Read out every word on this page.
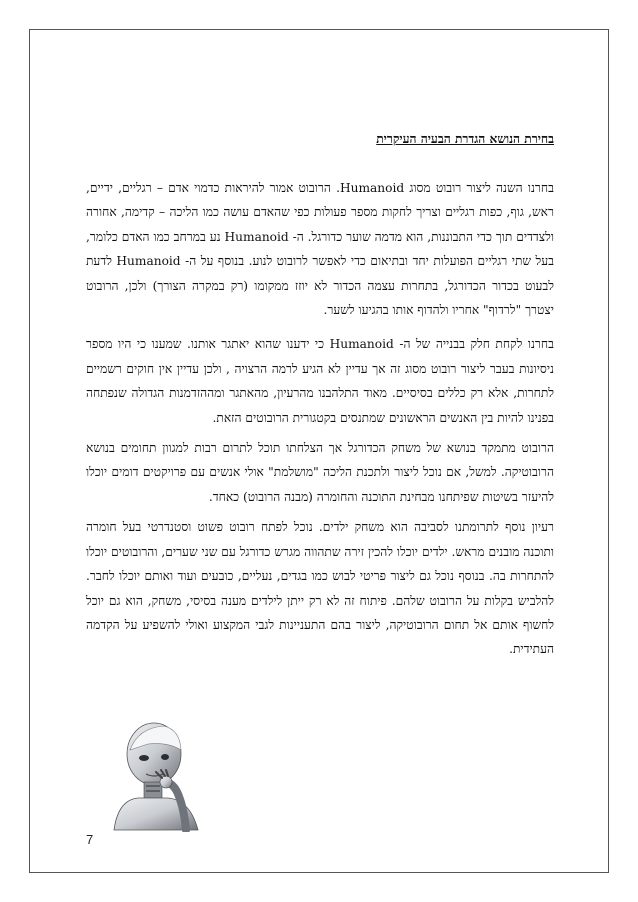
בחירת הנושא הגדרת הבעיה העיקרית

בחרנו השנה ליצור רובוט מסוג Humanoid. הרובוט אמור להיראות כדמוי אדם – רגליים, ידיים, ראש, גוף, כפות רגליים וצריך לחקות מספר פעולות כפי שהאדם עושה כמו הליכה – קדימה, אחורה ולצדדים תוך כדי התבוננות, הוא מדמה שוער כדורגל. ה- Humanoid נע במרחב כמו האדם כלומר, בעל שתי רגליים הפועלות יחד ובתיאום כדי לאפשר לרובוט לנוע. בנוסף על ה- Humanoid לדעת לבעוט בכדור הכדורגל, בתחרות עצמה הכדור לא יוזז ממקומו (רק במקרה הצורך) ולכן, הרובוט יצטרך "לרדוף" אחריו ולהדוף אותו בהגיעו לשער.

בחרנו לקחת חלק בבנייה של ה- Humanoid כי ידענו שהוא יאתגר אותנו. שמענו כי היו מספר ניסיונות בעבר ליצור רובוט מסוג זה אך עדיין לא הגיע לרמה הרצויה , ולכן עדיין אין חוקים רשמיים לתחרות, אלא רק כללים בסיסיים. מאוד התלהבנו מהרעיון, מהאתגר ומההזדמנות הגדולה שנפתחה בפנינו להיות בין האנשים הראשונים שמתנסים בקטגורית הרובוטים הזאת.

הרובוט מתמקד בנושא של משחק הכדורגל אך הצלחתו תוכל לתרום רבות למגוון תחומים בנושא הרובוטיקה. למשל, אם נוכל ליצור ולתכנת הליכה "מושלמת" אולי אנשים עם פרויקטים דומים יוכלו להיעזר בשיטות שפיתחנו מבחינת התוכנה והחומרה (מבנה הרובוט) כאחד.

רעיון נוסף לתרומתנו לסביבה הוא משחק ילדים. נוכל לפתח רובוט פשוט וסטנדרטי בעל חומרה ותוכנה מובנים מראש. ילדים יוכלו להכין זירה שתהווה מגרש כדורגל עם שני שערים, והרובוטים יוכלו להתחרות בה. בנוסף נוכל גם ליצור פריטי לבוש כמו בגדים, נעליים, כובעים ועוד ואותם יוכלו לחבר. להלביש בקלות על הרובוט שלהם. פיתוח זה לא רק ייתן לילדים מענה בסיסי, משחק, הוא גם יוכל לחשוף אותם אל תחום הרובוטיקה, ליצור בהם התעניינות לגבי המקצוע ואולי להשפיע על הקדמה העתידית.

7
